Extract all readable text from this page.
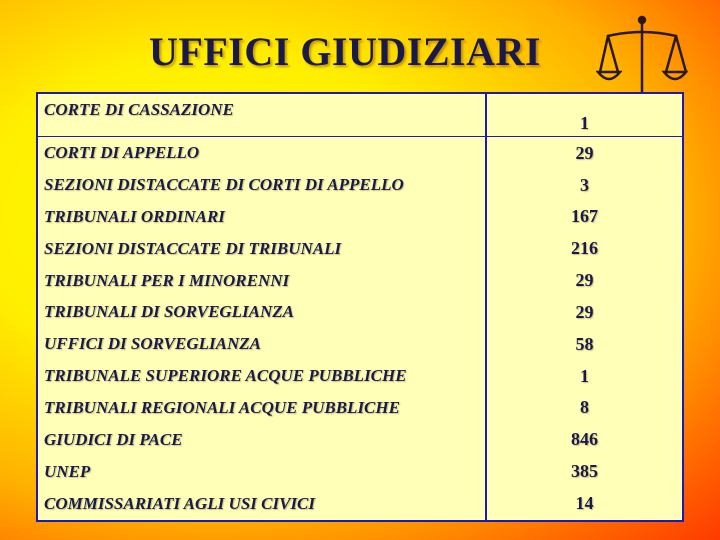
UFFICI GIUDIZIARI
CORTE DI CASSAZIONE	1
CORTI DI APPELLO	29
SEZIONI DISTACCATE DI CORTI DI APPELLO	3
TRIBUNALI ORDINARI	167
SEZIONI DISTACCATE DI TRIBUNALI	216
TRIBUNALI PER I MINORENNI	29
TRIBUNALI DI SORVEGLIANZA	29
UFFICI DI SORVEGLIANZA	58
TRIBUNALE SUPERIORE ACQUE PUBBLICHE	1
TRIBUNALI REGIONALI ACQUE PUBBLICHE	8
GIUDICI DI PACE	846
UNEP	385
COMMISSARIATI AGLI USI CIVICI	14
